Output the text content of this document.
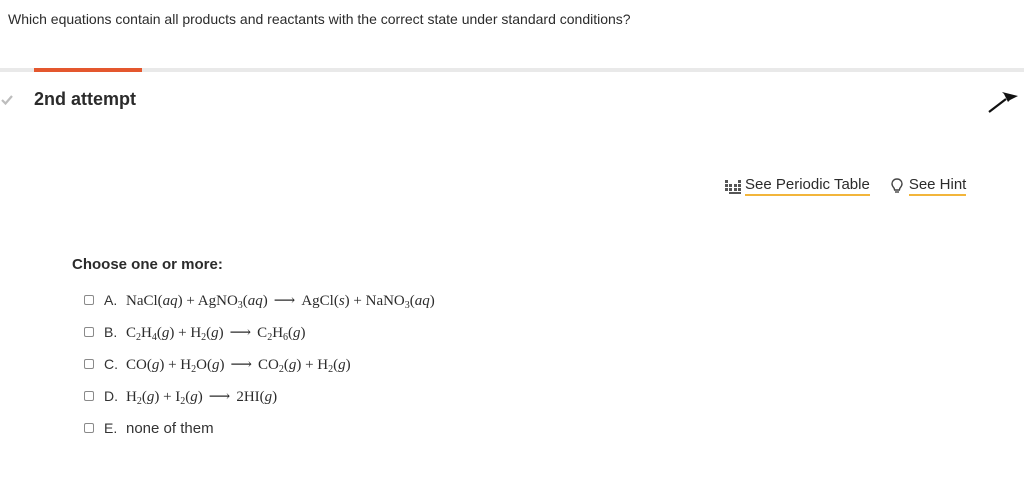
Which equations contain all products and reactants with the correct state under standard conditions?
2nd attempt
See Periodic Table	See Hint
Choose one or more:
A. NaCl(aq) + AgNO$_3$(aq) ⟶ AgCl(s) + NaNO$_3$(aq)
B. $C_2H_4(g) + H_2(g)$ ⟶ $C_2H_6(g)$
C. $CO(g) + H_2O(g)$ ⟶ $CO_2(g) + H_2(g)$
D. $H_2(g) + I_2(g)$ ⟶ 2HI(g)
E. none of them
